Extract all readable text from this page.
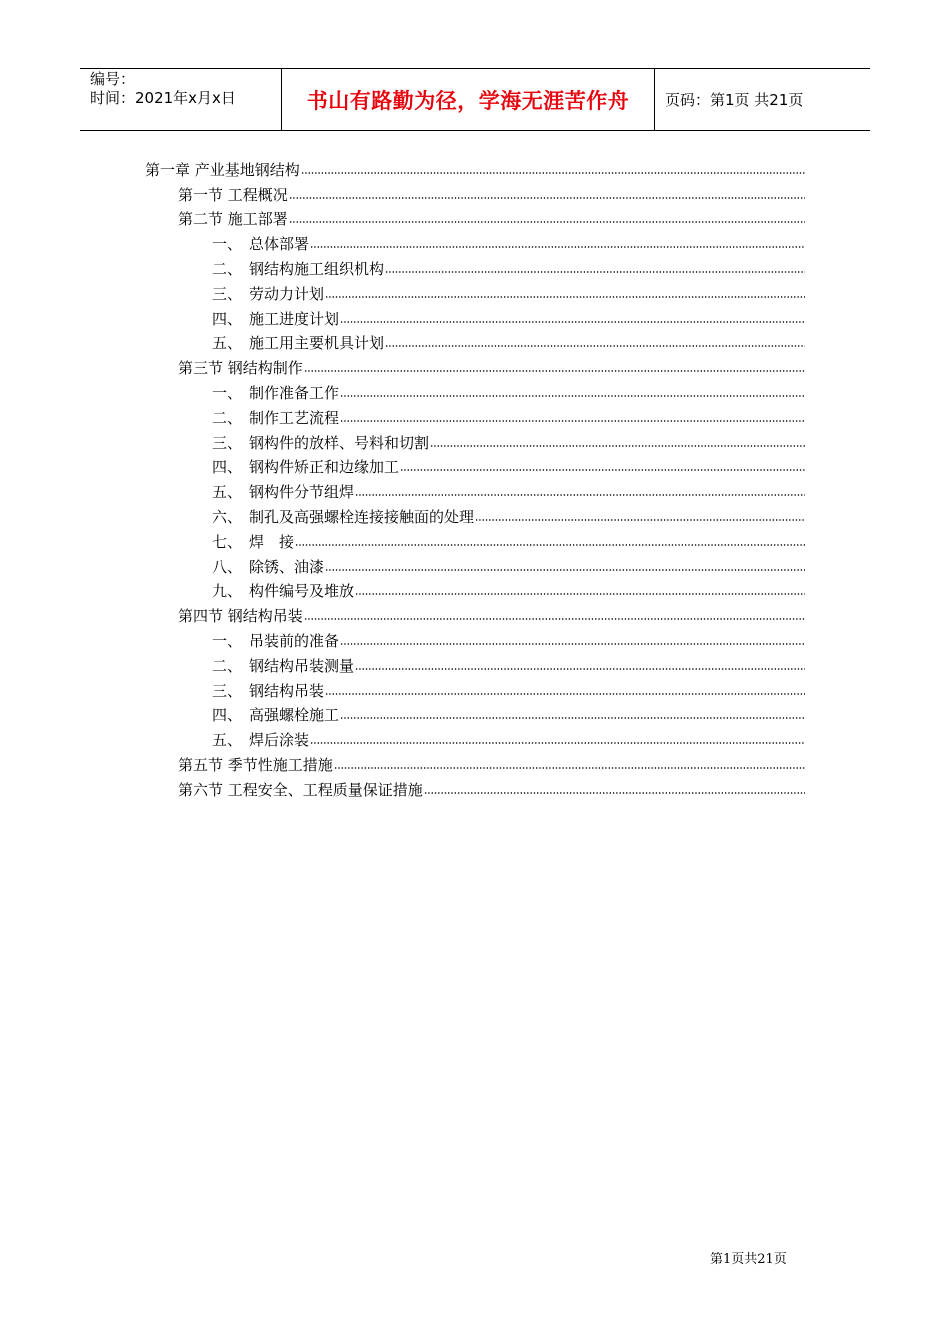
编号：
时间：2021年x月x日	书山有路勤为径，学海无涯苦作舟 页码：第1页 共21页
第一章 产业基地钢结构
第一节 工程概况
第二节 施工部署
一、 总体部署
二、 钢结构施工组织机构
三、 劳动力计划
四、 施工进度计划
五、 施工用主要机具计划
第三节 钢结构制作
一、 制作准备工作
二、 制作工艺流程
三、 钢构件的放样、号料和切割
四、 钢构件矫正和边缘加工
五、 钢构件分节组焊
六、 制孔及高强螺栓连接接触面的处理
七、 焊　接
八、 除锈、油漆
九、 构件编号及堆放
第四节 钢结构吊装
一、 吊装前的准备
二、 钢结构吊装测量
三、 钢结构吊装
四、 高强螺栓施工
五、 焊后涂装
第五节 季节性施工措施
第六节 工程安全、工程质量保证措施
第1页共21页
